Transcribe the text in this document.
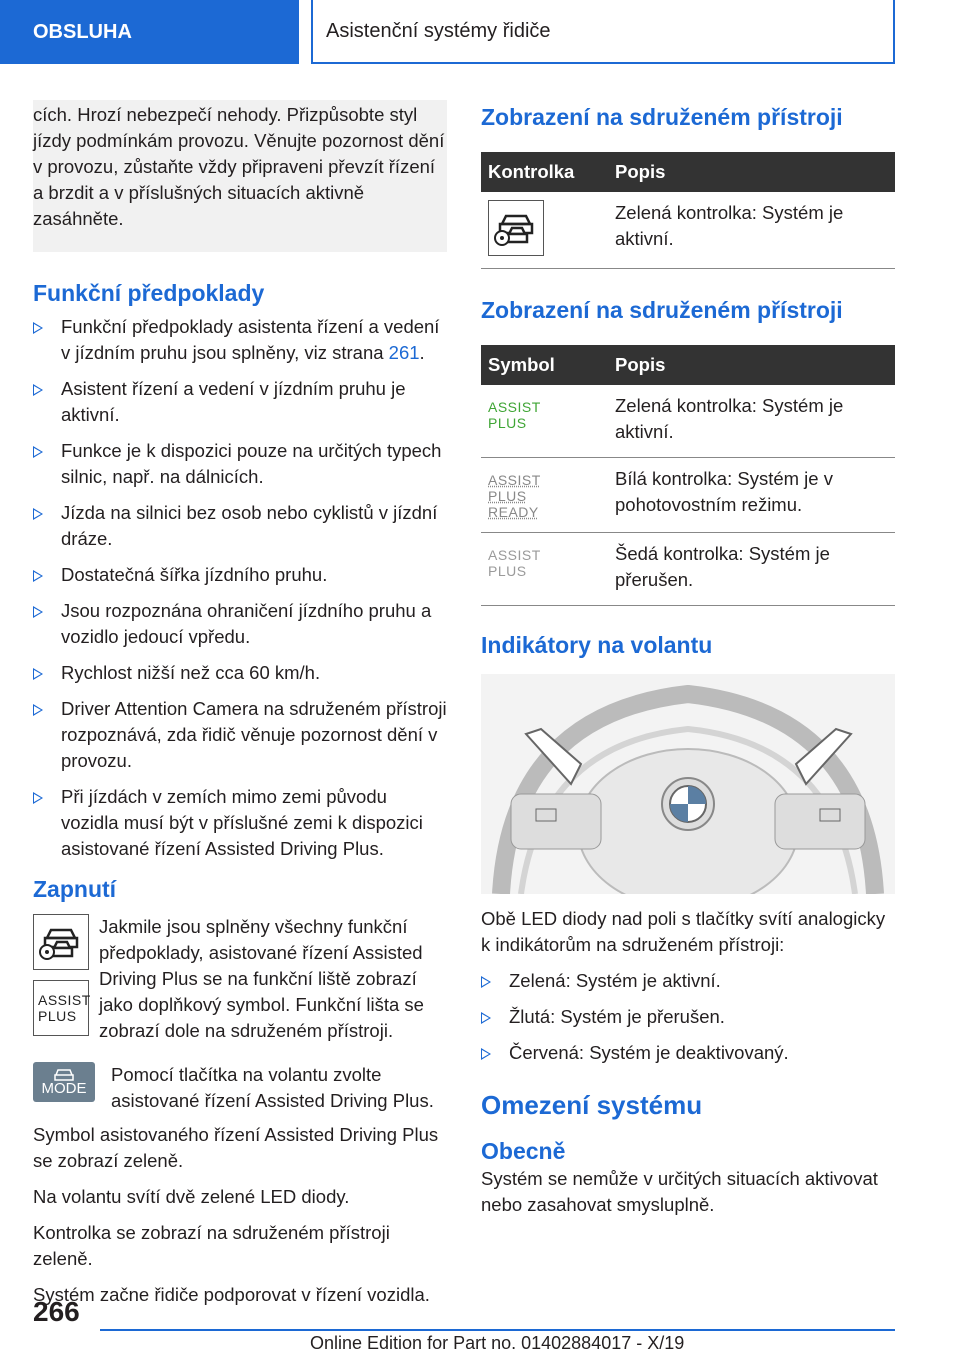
OBSLUHA	Asistenční systémy řidiče
cích. Hrozí nebezpečí nehody. Přizpůsobte styl jízdy podmínkám provozu. Věnujte pozornost dění v provozu, zůstaňte vždy připraveni převzít řízení a brzdit a v příslušných situacích aktivně zasáhněte.
Funkční předpoklady
Funkční předpoklady asistenta řízení a vedení v jízdním pruhu jsou splněny, viz strana 261.
Asistent řízení a vedení v jízdním pruhu je aktivní.
Funkce je k dispozici pouze na určitých typech silnic, např. na dálnicích.
Jízda na silnici bez osob nebo cyklistů v jízdní dráze.
Dostatečná šířka jízdního pruhu.
Jsou rozpoznána ohraničení jízdního pruhu a vozidlo jedoucí vpředu.
Rychlost nižší než cca 60 km/h.
Driver Attention Camera na sdruženém přístroji rozpoznává, zda řidič věnuje pozornost dění v provozu.
Při jízdách v zemích mimo zemi původu vozidla musí být v příslušné zemi k dispozici asistované řízení Assisted Driving Plus.
Zapnutí
ASSIST
PLUS
Jakmile jsou splněny všechny funkční předpoklady, asistované řízení Assisted Driving Plus se na funkční liště zobrazí jako doplňkový symbol. Funkční lišta se zobrazí dole na sdruženém přístroji.
MODE
Pomocí tlačítka na volantu zvolte asistované řízení Assisted Driving Plus.

Symbol asistovaného řízení Assisted Driving Plus se zobrazí zeleně.

Na volantu svítí dvě zelené LED diody.

Kontrolka se zobrazí na sdruženém přístroji zeleně.

Systém začne řidiče podporovat v řízení vozidla.

Zobrazení na sdruženém přístroji
Kontrolka	Popis

	Zelená kontrolka: Systém je aktivní.
Zobrazení na sdruženém přístroji
Symbol	Popis

ASSIST
PLUS	Zelená kontrolka: Systém je aktivní.

ASSIST
PLUS
READY	Bílá kontrolka: Systém je v pohotovostním režimu.

ASSIST
PLUS	Šedá kontrolka: Systém je přerušen.
Indikátory na volantu

Obě LED diody nad poli s tlačítky svítí analogicky k indikátorům na sdruženém přístroji:

Zelená: Systém je aktivní.
Žlutá: Systém je přerušen.
Červená: Systém je deaktivovaný.
Omezení systému
Obecně

Systém se nemůže v určitých situacích aktivovat nebo zasahovat smysluplně.

266
Online Edition for Part no. 01402884017 - X/19
